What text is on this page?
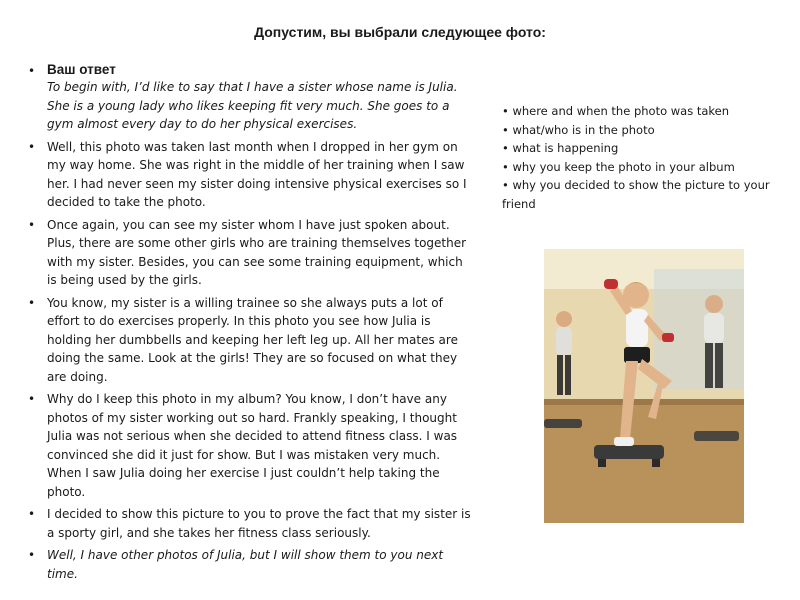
Допустим, вы выбрали следующее фото:
• Ваш ответ
To begin with, I’d like to say that I have a sister whose name is Julia. She is a young lady who likes keeping fit very much. She goes to a gym almost every day to do her physical exercises.
• Well, this photo was taken last month when I dropped in her gym on my way home. She was right in the middle of her training when I saw her. I had never seen my sister doing intensive physical exercises so I decided to take the photo.
• Once again, you can see my sister whom I have just spoken about. Plus, there are some other girls who are training themselves together with my sister. Besides, you can see some training equipment, which is being used by the girls.
• You know, my sister is a willing trainee so she always puts a lot of effort to do exercises properly. In this photo you see how Julia is holding her dumbbells and keeping her left leg up. All her mates are doing the same. Look at the girls! They are so focused on what they are doing.
• Why do I keep this photo in my album? You know, I don’t have any photos of my sister working out so hard. Frankly speaking, I thought Julia was not serious when she decided to attend fitness class. I was convinced she did it just for show. But I was mistaken very much. When I saw Julia doing her exercise I just couldn’t help taking the photo.
• I decided to show this picture to you to prove the fact that my sister is a sporty girl, and she takes her fitness class seriously.
• Well, I have other photos of Julia, but I will show them to you next time.
• where and when the photo was taken
• what/who is in the photo
• what is happening
• why you keep the photo in your album
• why you decided to show the picture to your friend
